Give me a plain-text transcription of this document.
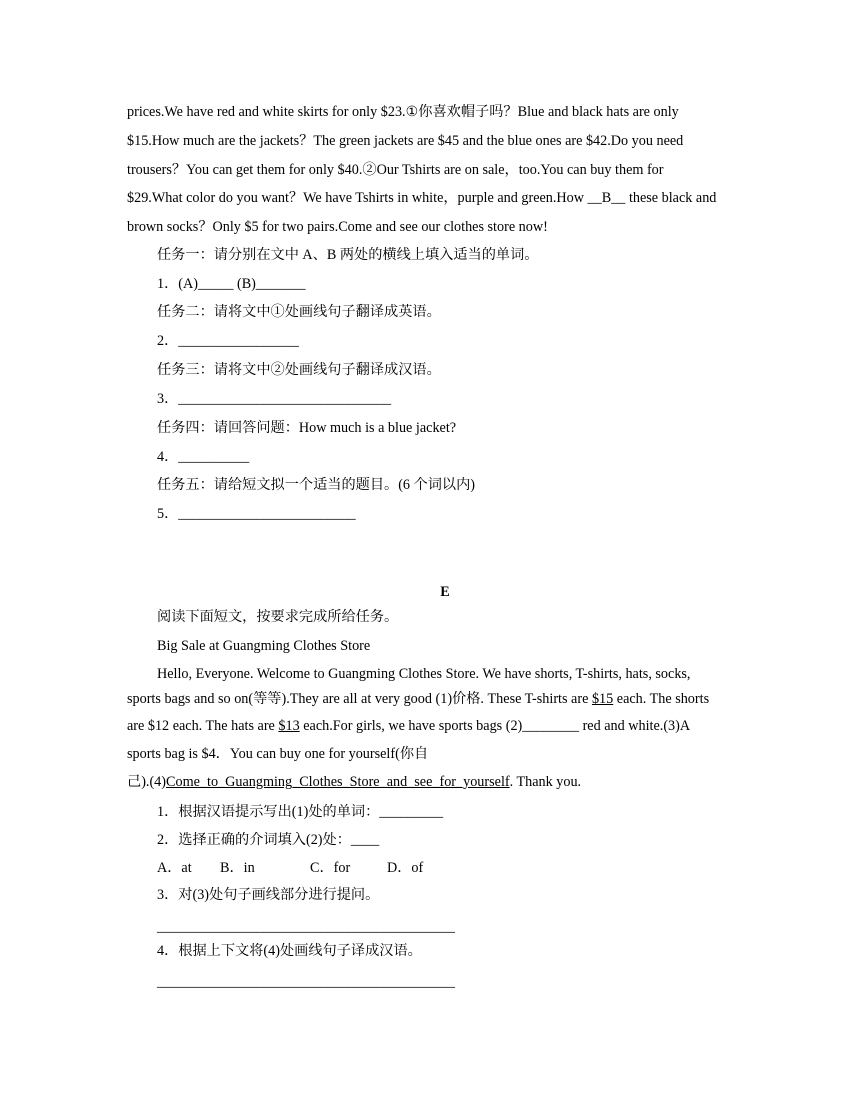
prices.We have red and white skirts for only $23.①你喜欢帽子吗？Blue and black hats are only
$15.How much are the jackets？The green jackets are $45 and the blue ones are $42.Do you need
trousers？You can get them for only $40.②Our Tshirts are on sale，too.You can buy them for
$29.What color do you want？We have Tshirts in white，purple and green.How __B__ these black and
brown socks？Only $5 for two pairs.Come and see our clothes store now!
任务一：请分别在文中 A、B 两处的横线上填入适当的单词。
1．(A)_____ (B)_______
任务二：请将文中①处画线句子翻译成英语。
2．_________________
任务三：请将文中②处画线句子翻译成汉语。
3．______________________________
任务四：请回答问题：How much is a blue jacket?
4．__________
任务五：请给短文拟一个适当的题目。(6 个词以内)
5．_________________________
E
阅读下面短文，按要求完成所给任务。
Big Sale at Guangming Clothes Store
Hello, Everyone. Welcome to Guangming Clothes Store. We have shorts, T-shirts, hats, socks,
sports bags and so on(等等).They are all at very good (1)价格. These T-shirts are $15 each. The shorts
are $12 each. The hats are $13 each.For girls, we have sports bags (2)________ red and white.(3)A
sports bag is $4．You can buy one for yourself(你自
己).(4)Come_to_Guangming_Clothes_Store_and_see_for_yourself. Thank you.
1．根据汉语提示写出(1)处的单词：_________
2．选择正确的介词填入(2)处：____
A．at B．in	C．for	D．of
3．对(3)处句子画线部分进行提问。
__________________________________________
4．根据上下文将(4)处画线句子译成汉语。
__________________________________________
